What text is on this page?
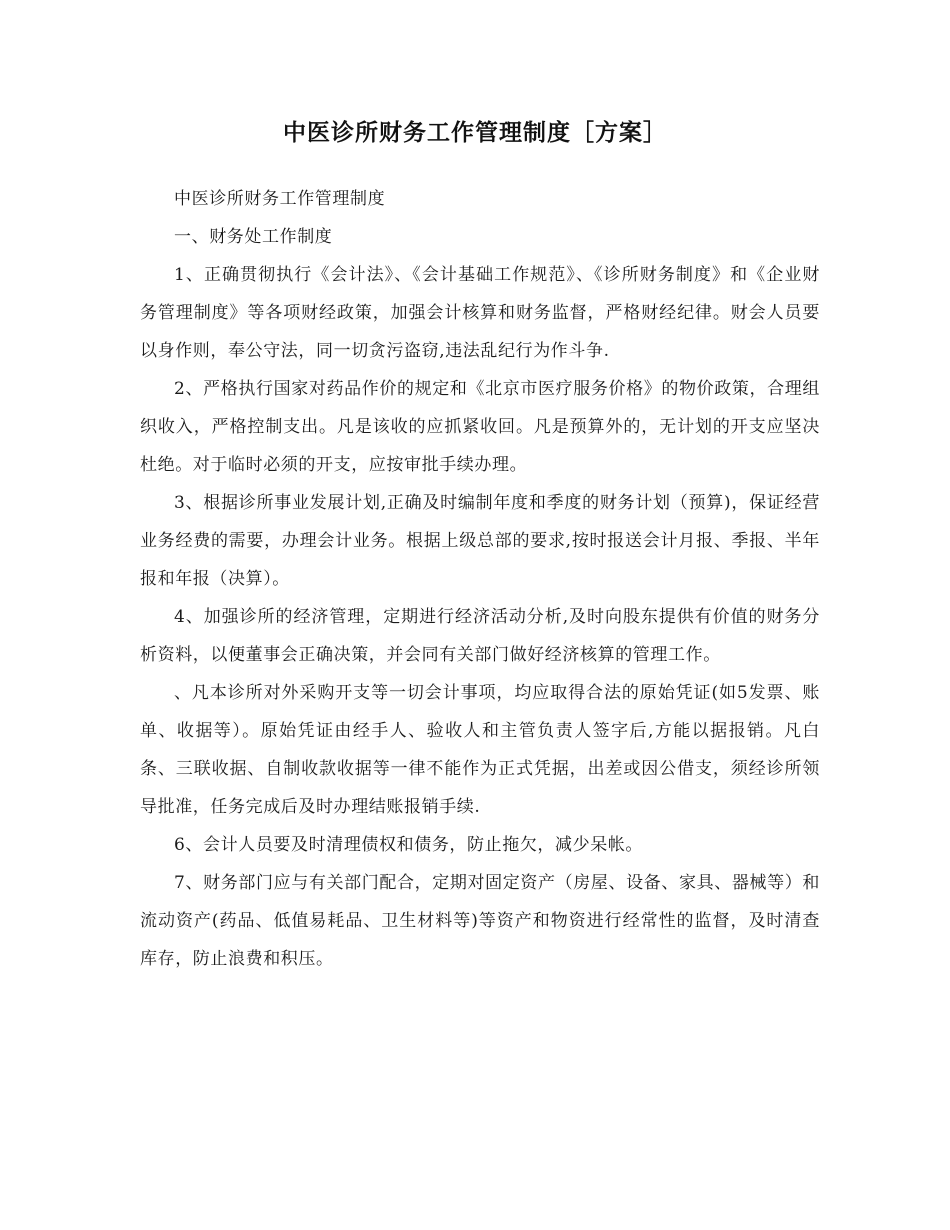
中医诊所财务工作管理制度［方案］

中医诊所财务工作管理制度

一、财务处工作制度

1、正确贯彻执行《会计法》、《会计基础工作规范》、《诊所财务制度》和《企业财务管理制度》等各项财经政策，加强会计核算和财务监督，严格财经纪律。财会人员要以身作则，奉公守法，同一切贪污盗窃,违法乱纪行为作斗争.

2、严格执行国家对药品作价的规定和《北京市医疗服务价格》的物价政策，合理组织收入，严格控制支出。凡是该收的应抓紧收回。凡是预算外的，无计划的开支应坚决杜绝。对于临时必须的开支，应按审批手续办理。

3、根据诊所事业发展计划,正确及时编制年度和季度的财务计划（预算)，保证经营业务经费的需要，办理会计业务。根据上级总部的要求,按时报送会计月报、季报、半年报和年报（决算）。

4、加强诊所的经济管理，定期进行经济活动分析,及时向股东提供有价值的财务分析资料，以便董事会正确决策，并会同有关部门做好经济核算的管理工作。

、凡本诊所对外采购开支等一切会计事项，均应取得合法的原始凭证(如5发票、账单、收据等）。原始凭证由经手人、验收人和主管负责人签字后,方能以据报销。凡白条、三联收据、自制收款收据等一律不能作为正式凭据，出差或因公借支，须经诊所领导批准，任务完成后及时办理结账报销手续.

6、会计人员要及时清理债权和债务，防止拖欠，减少呆帐。

7、财务部门应与有关部门配合，定期对固定资产（房屋、设备、家具、器械等）和流动资产(药品、低值易耗品、卫生材料等)等资产和物资进行经常性的监督，及时清查库存，防止浪费和积压。
